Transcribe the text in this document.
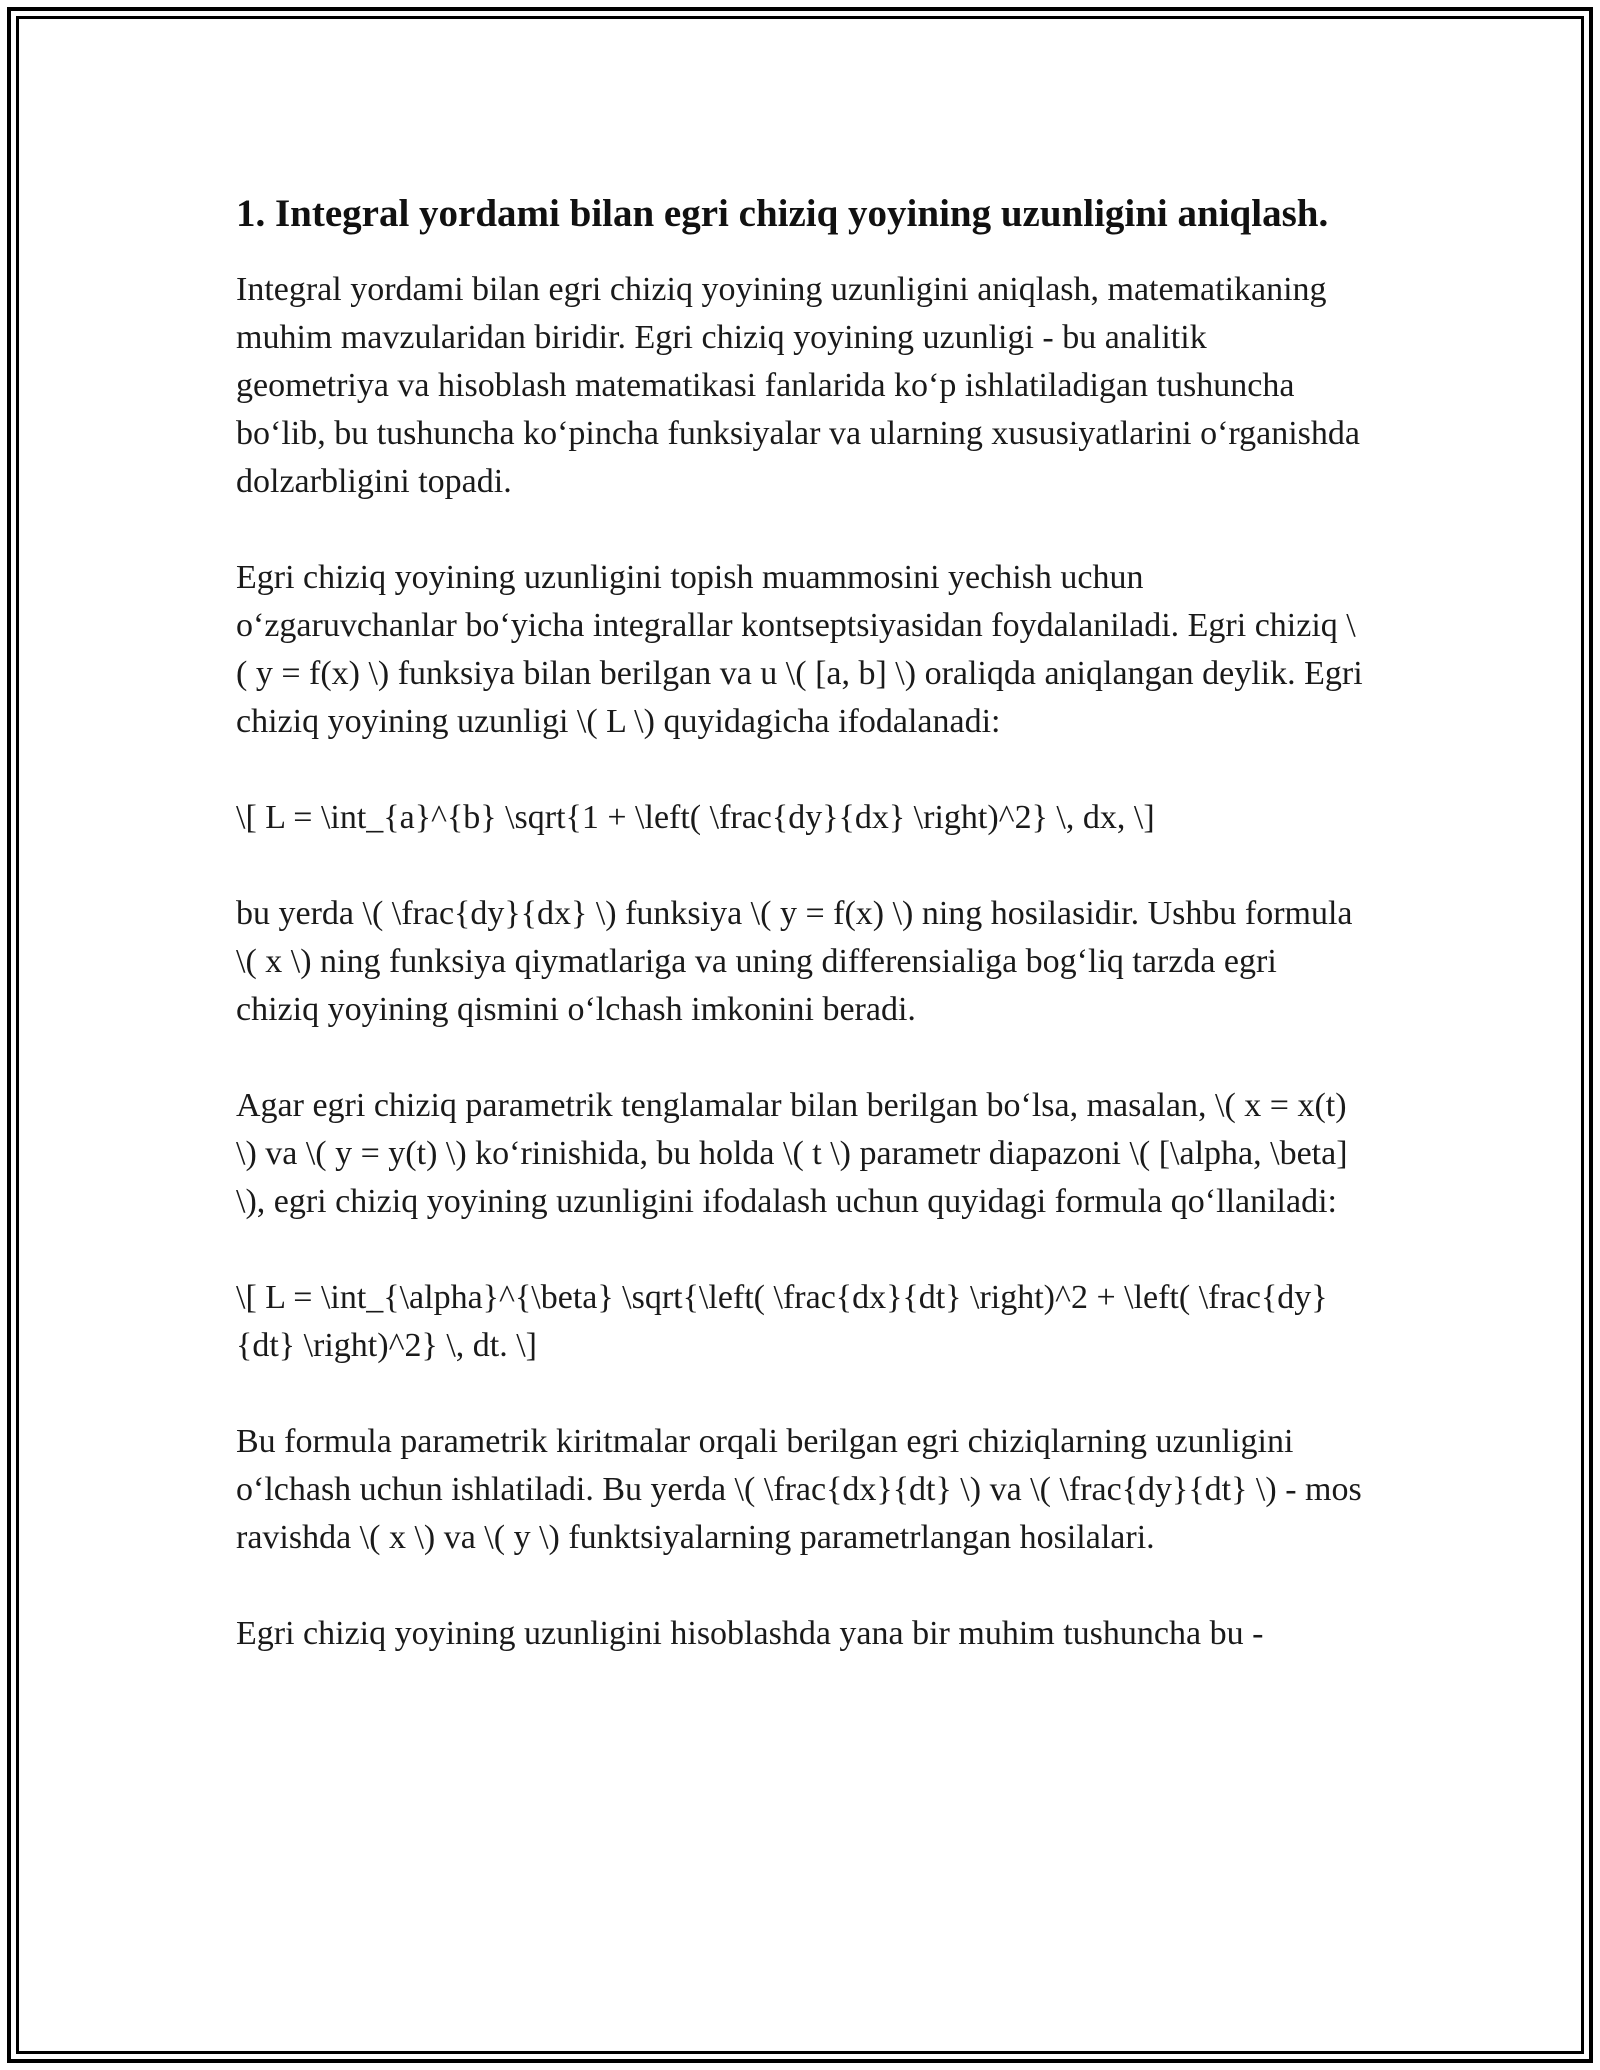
1. Integral yordami bilan egri chiziq yoyining uzunligini aniqlash.

Integral yordami bilan egri chiziq yoyining uzunligini aniqlash, matematikaning muhim mavzularidan biridir. Egri chiziq yoyining uzunligi - bu analitik geometriya va hisoblash matematikasi fanlarida ko‘p ishlatiladigan tushuncha bo‘lib, bu tushuncha ko‘pincha funksiyalar va ularning xususiyatlarini o‘rganishda dolzarbligini topadi.

Egri chiziq yoyining uzunligini topish muammosini yechish uchun o‘zgaruvchanlar bo‘yicha integrallar kontseptsiyasidan foydalaniladi. Egri chiziq \( y = f(x) \) funksiya bilan berilgan va u \( [a, b] \) oraliqda aniqlangan deylik. Egri chiziq yoyining uzunligi \( L \) quyidagicha ifodalanadi:

\[ L = \int_{a}^{b} \sqrt{1 + \left( \frac{dy}{dx} \right)^2} \, dx, \]

bu yerda \( \frac{dy}{dx} \) funksiya \( y = f(x) \) ning hosilasidir. Ushbu formula \( x \) ning funksiya qiymatlariga va uning differensialiga bog‘liq tarzda egri chiziq yoyining qismini o‘lchash imkonini beradi.

Agar egri chiziq parametrik tenglamalar bilan berilgan bo‘lsa, masalan, \( x = x(t) \) va \( y = y(t) \) ko‘rinishida, bu holda \( t \) parametr diapazoni \( [\alpha, \beta] \), egri chiziq yoyining uzunligini ifodalash uchun quyidagi formula qo‘llaniladi:

\[ L = \int_{\alpha}^{\beta} \sqrt{\left( \frac{dx}{dt} \right)^2 + \left( \frac{dy}{dt} \right)^2} \, dt. \]

Bu formula parametrik kiritmalar orqali berilgan egri chiziqlarning uzunligini o‘lchash uchun ishlatiladi. Bu yerda \( \frac{dx}{dt} \) va \( \frac{dy}{dt} \) - mos ravishda \( x \) va \( y \) funktsiyalarning parametrlangan hosilalari.

Egri chiziq yoyining uzunligini hisoblashda yana bir muhim tushuncha bu -
